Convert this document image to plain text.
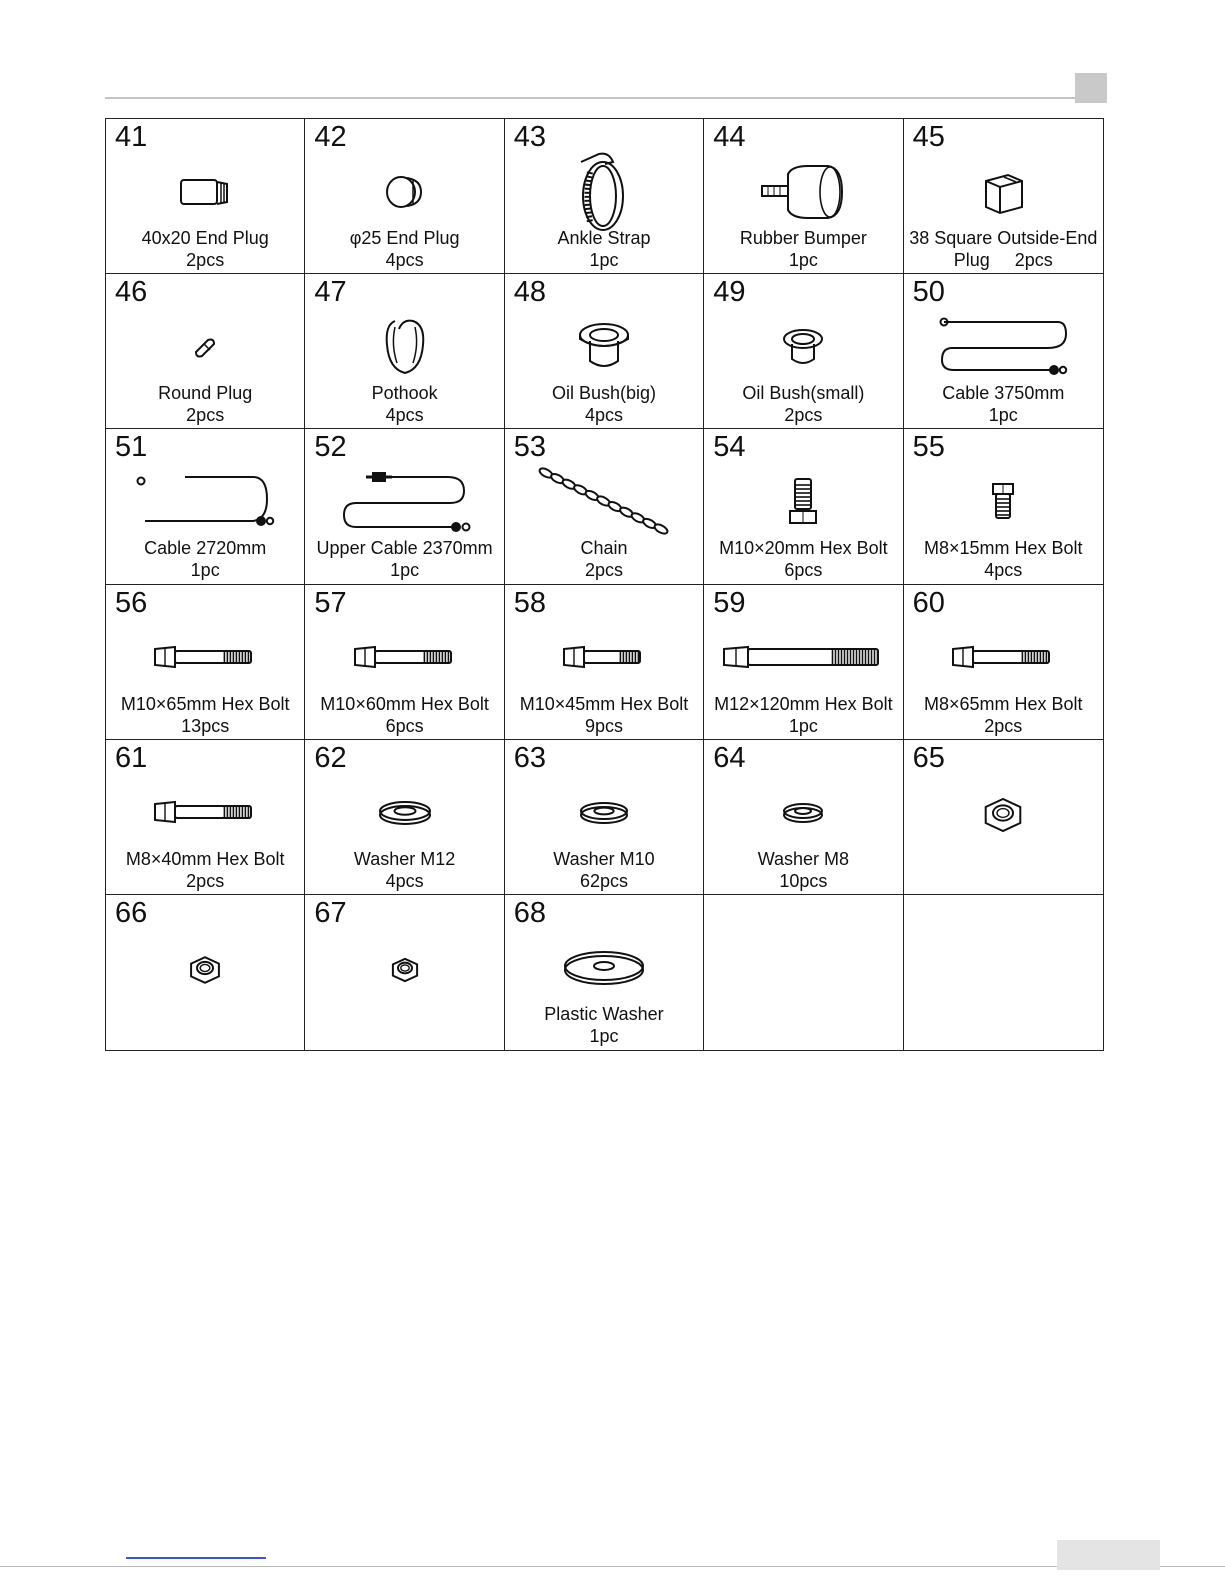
41
40x20 End Plug
2pcs
42
φ25 End Plug
4pcs
43
Ankle Strap
1pc
44
Rubber Bumper
1pc
45
38 Square Outside-End
Plug     2pcs
46
Round Plug
2pcs
47
Pothook
4pcs
48
Oil Bush(big)
4pcs
49
Oil Bush(small)
2pcs
50
Cable 3750mm
1pc
51
Cable 2720mm
1pc
52
Upper Cable 2370mm
1pc
53
Chain
2pcs
54
M10×20mm Hex Bolt
6pcs
55
M8×15mm Hex Bolt
4pcs
56
M10×65mm Hex Bolt
13pcs
57
M10×60mm Hex Bolt
6pcs
58
M10×45mm Hex Bolt
9pcs
59
M12×120mm Hex Bolt
1pc
60
M8×65mm Hex Bolt
2pcs
61
M8×40mm Hex Bolt
2pcs
62
Washer M12
4pcs
63
Washer M10
62pcs
64
Washer M8
10pcs
65
66	67	68
Plastic Washer
1pc
